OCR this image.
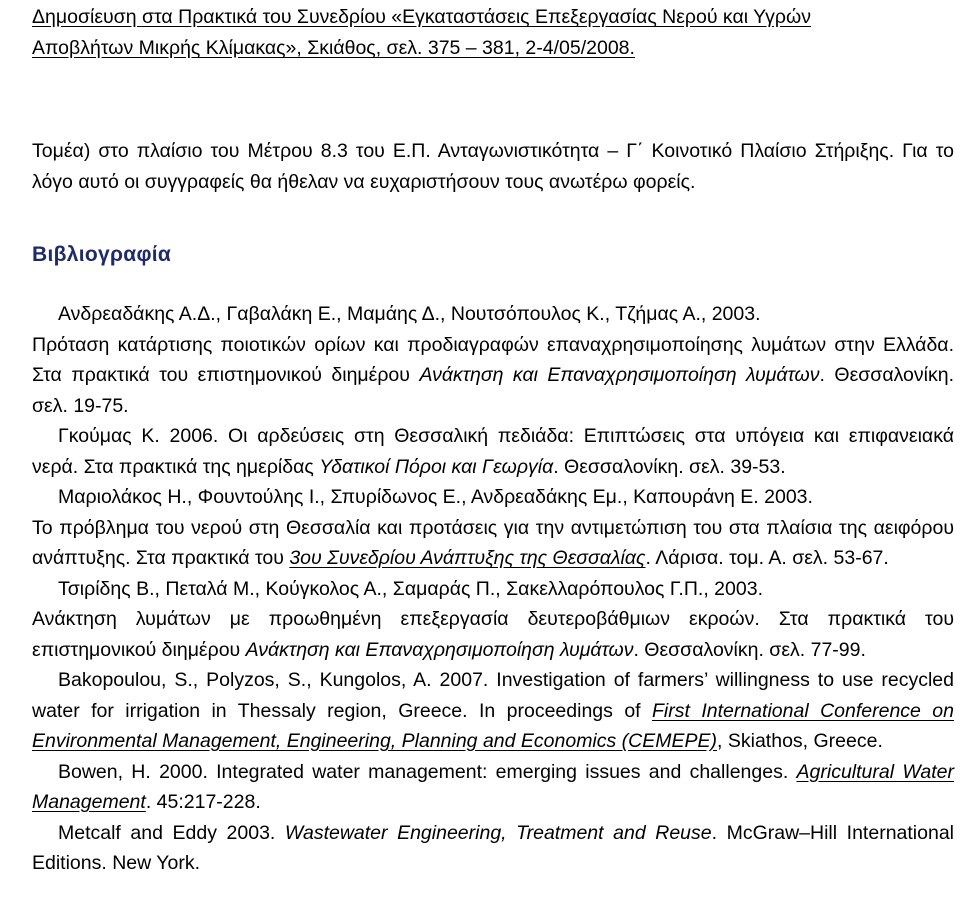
Δημοσίευση στα Πρακτικά του Συνεδρίου «Εγκαταστάσεις Επεξεργασίας Νερού και Υγρών
Αποβλήτων Μικρής Κλίμακας», Σκιάθος, σελ. 375 – 381, 2-4/05/2008.
Τομέα) στο πλαίσιο του Μέτρου 8.3 του Ε.Π. Ανταγωνιστικότητα – Γ΄ Κοινοτικό Πλαίσιο Στήριξης. Για το λόγο αυτό οι συγγραφείς θα ήθελαν να ευχαριστήσουν τους ανωτέρω φορείς.
Βιβλιογραφία
Ανδρεαδάκης Α.Δ., Γαβαλάκη Ε., Μαμάης Δ., Νουτσόπουλος Κ., Τζήμας Α., 2003.
Πρόταση κατάρτισης ποιοτικών ορίων και προδιαγραφών επαναχρησιμοποίησης λυμάτων στην Ελλάδα. Στα πρακτικά του επιστημονικού διημέρου Ανάκτηση και Επαναχρησιμοποίηση λυμάτων. Θεσσαλονίκη. σελ. 19-75.
Γκούμας Κ. 2006. Οι αρδεύσεις στη Θεσσαλική πεδιάδα: Επιπτώσεις στα υπόγεια και επιφανειακά νερά. Στα πρακτικά της ημερίδας Υδατικοί Πόροι και Γεωργία. Θεσσαλονίκη. σελ. 39-53.
Μαριολάκος Η., Φουντούλης Ι., Σπυρίδωνος Ε., Ανδρεαδάκης Εμ., Καπουράνη Ε. 2003.
Το πρόβλημα του νερού στη Θεσσαλία και προτάσεις για την αντιμετώπιση του στα πλαίσια της αειφόρου ανάπτυξης. Στα πρακτικά του 3ου Συνεδρίου Ανάπτυξης της Θεσσαλίας. Λάρισα. τομ. Α. σελ. 53-67.
Τσιρίδης Β., Πεταλά Μ., Κούγκολος Α., Σαμαράς Π., Σακελλαρόπουλος Γ.Π., 2003.
Ανάκτηση λυμάτων με προωθημένη επεξεργασία δευτεροβάθμιων εκροών. Στα πρακτικά του επιστημονικού διημέρου Ανάκτηση και Επαναχρησιμοποίηση λυμάτων. Θεσσαλονίκη. σελ. 77-99.
Bakopoulou, S., Polyzos, S., Kungolos, A. 2007. Investigation of farmers’ willingness to use recycled water for irrigation in Thessaly region, Greece. In proceedings of First International Conference on Environmental Management, Engineering, Planning and Economics (CEMEPE), Skiathos, Greece.
Bowen, H. 2000. Integrated water management: emerging issues and challenges. Agricultural Water Management. 45:217-228.
Metcalf and Eddy 2003. Wastewater Engineering, Treatment and Reuse. McGraw–Hill International Editions. New York.
